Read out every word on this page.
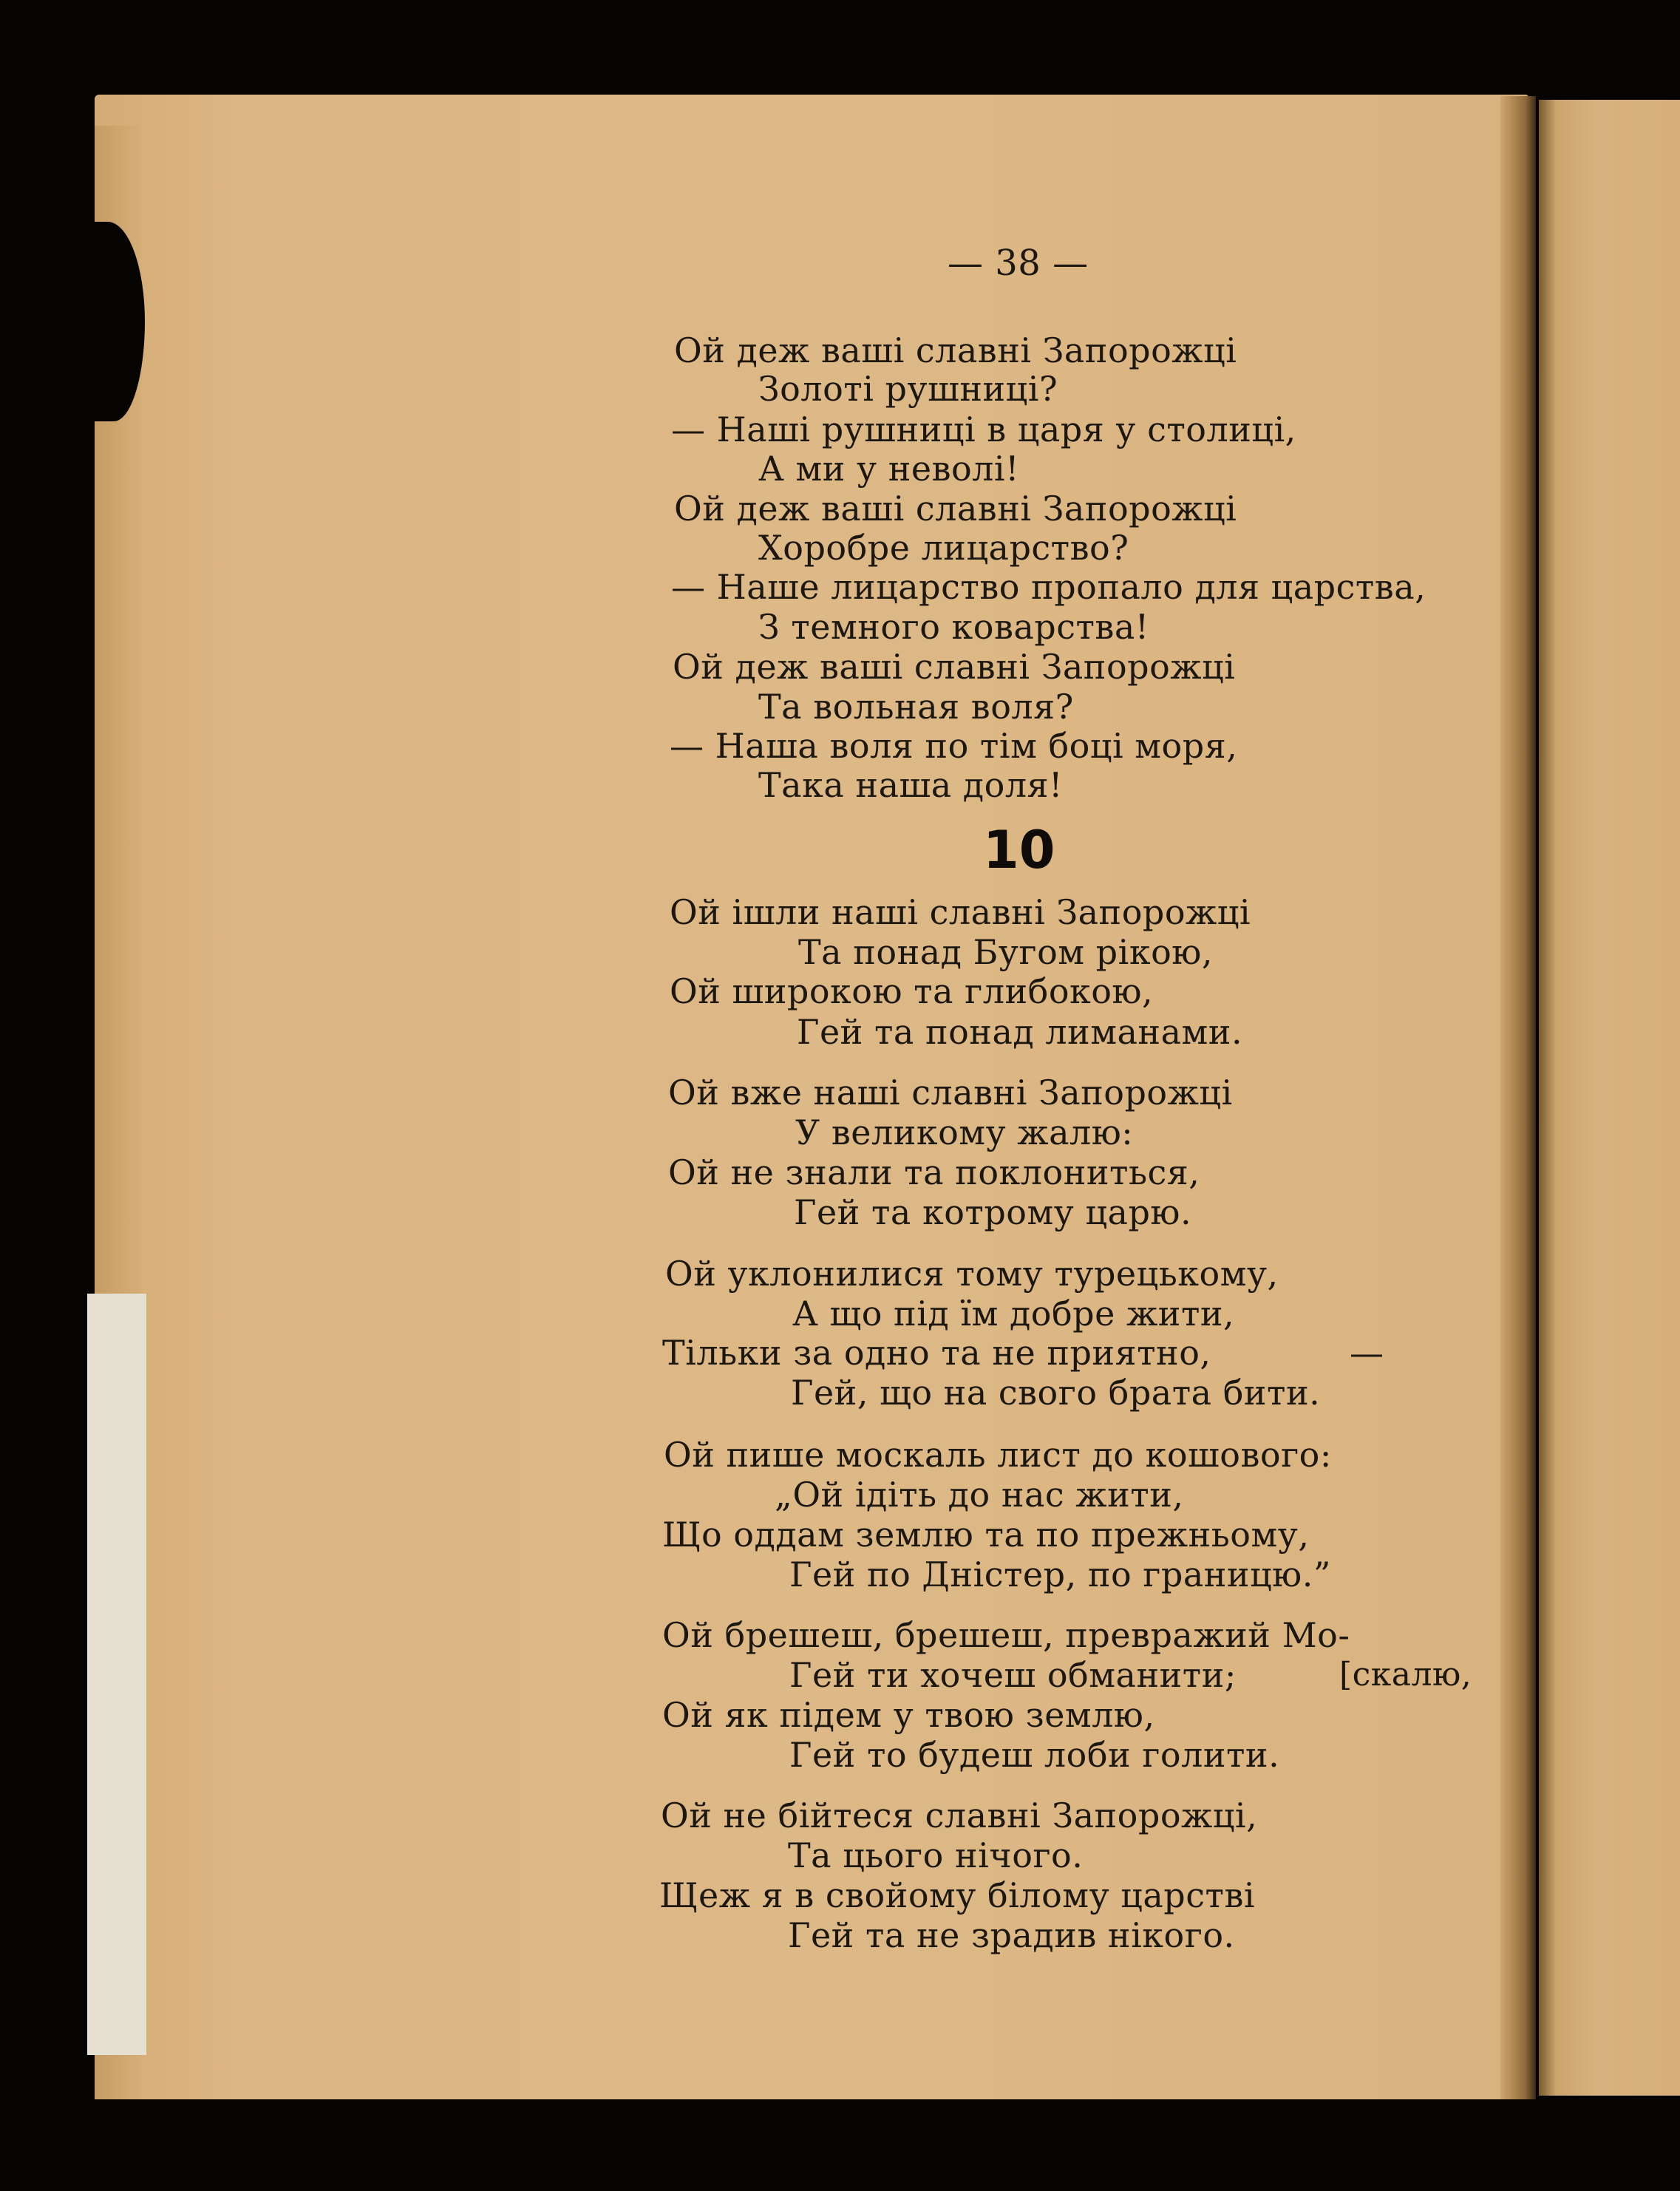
— 38 —
Ой деж ваші славні Запорожці
Золоті рушниці?
— Наші рушниці в царя у столиці,
А ми у неволі!
Ой деж ваші славні Запорожці
Хоробре лицарство?
— Наше лицарство пропало для царства,
З темного коварства!
Ой деж ваші славні Запорожці
Та вольная воля?
— Наша воля по тім боці моря,
Така наша доля!
10
Ой ішли наші славні Запорожці
Та понад Бугом рікою,
Ой широкою та глибокою,
Гей та понад лиманами.
Ой вже наші славні Запорожці
У великому жалю:
Ой не знали та поклониться,
Гей та котрому царю.
Ой уклонилися тому турецькому,
А що під їм добре жити,
Тільки за одно та не приятно,	—
Гей, що на свого брата бити.
Ой пише москаль лист до кошового:
„Ой ідіть до нас жити,
Що оддам землю та по прежньому,
Гей по Дністер, по границю.”
Ой брешеш, брешеш, превражий Мо-
Гей ти хочеш обманити;	[скалю,
Ой як підем у твою землю,
Гей то будеш лоби голити.
Ой не бійтеся славні Запорожці,
Та цього нічого.
Щеж я в свойому білому царстві
Гей та не зрадив нікого.
